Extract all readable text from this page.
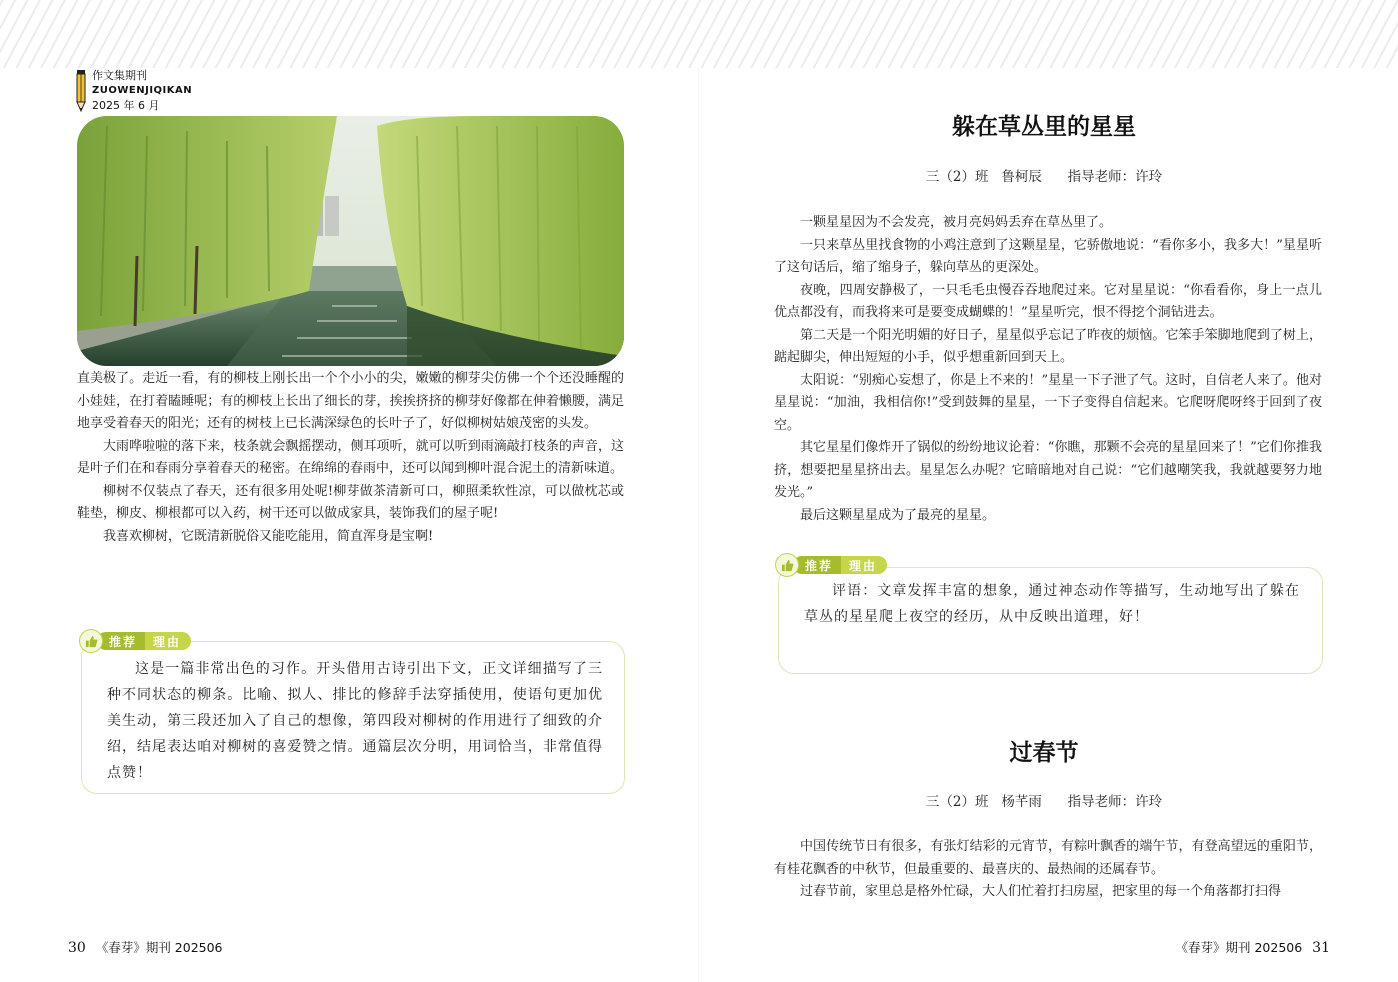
作文集期刊
ZUOWENJIQIKAN
2025 年 6 月

直美极了。走近一看，有的柳枝上刚长出一个个小小的尖，嫩嫩的柳芽尖仿佛一个个还没睡醒的小娃娃，在打着瞌睡呢；有的柳枝上长出了细长的芽，挨挨挤挤的柳芽好像都在伸着懒腰，满足地享受着春天的阳光；还有的树枝上已长满深绿色的长叶子了，好似柳树姑娘茂密的头发。

大雨哗啦啦的落下来，枝条就会飘摇摆动，侧耳项听，就可以听到雨滴敲打枝条的声音，这是叶子们在和春雨分享着春天的秘密。在绵绵的春雨中，还可以闻到柳叶混合泥土的清新味道。

柳树不仅装点了春天，还有很多用处呢!柳芽做茶清新可口，柳照柔软性凉，可以做枕芯或鞋垫，柳皮、柳根都可以入药，树干还可以做成家具，装饰我们的屋子呢!

我喜欢柳树，它既清新脱俗又能吃能用，简直浑身是宝啊!

推荐	理由
这是一篇非常出色的习作。开头借用古诗引出下文，正文详细描写了三种不同状态的柳条。比喻、拟人、排比的修辞手法穿插使用，使语句更加优美生动，第三段还加入了自己的想像，第四段对柳树的作用进行了细致的介绍，结尾表达咱对柳树的喜爱赞之情。通篇层次分明，用词恰当，非常值得点赞！
30 《春芽》期刊 202506
躲在草丛里的星星
三（2）班   鲁柯辰      指导老师：许玲

一颗星星因为不会发亮，被月亮妈妈丢弃在草丛里了。

一只来草丛里找食物的小鸡注意到了这颗星星，它骄傲地说：“看你多小，我多大！”星星听了这句话后，缩了缩身子，躲向草丛的更深处。

夜晚，四周安静极了，一只毛毛虫慢吞吞地爬过来。它对星星说：“你看看你，身上一点儿优点都没有，而我将来可是要变成蝴蝶的！”星星听完，恨不得挖个洞钻进去。

第二天是一个阳光明媚的好日子，星星似乎忘记了昨夜的烦恼。它笨手笨脚地爬到了树上，踮起脚尖，伸出短短的小手，似乎想重新回到天上。

太阳说：“别痴心妄想了，你是上不来的！”星星一下子泄了气。这时，自信老人来了。他对星星说：“加油，我相信你!”受到鼓舞的星星，一下子变得自信起来。它爬呀爬呀终于回到了夜空。

其它星星们像炸开了锅似的纷纷地议论着：“你瞧，那颗不会亮的星星回来了！”它们你推我挤，想要把星星挤出去。星星怎么办呢？它暗暗地对自己说：“它们越嘲笑我，我就越要努力地发光。”

最后这颗星星成为了最亮的星星。

推荐	理由
评语：文章发挥丰富的想象，通过神态动作等描写，生动地写出了躲在草丛的星星爬上夜空的经历，从中反映出道理，好！
过春节
三（2）班   杨芊雨      指导老师：许玲

中国传统节日有很多，有张灯结彩的元宵节，有粽叶飘香的端午节，有登高望远的重阳节，有桂花飘香的中秋节，但最重要的、最喜庆的、最热闹的还属春节。

过春节前，家里总是格外忙碌，大人们忙着打扫房屋，把家里的每一个角落都打扫得

《春芽》期刊 202506 31
